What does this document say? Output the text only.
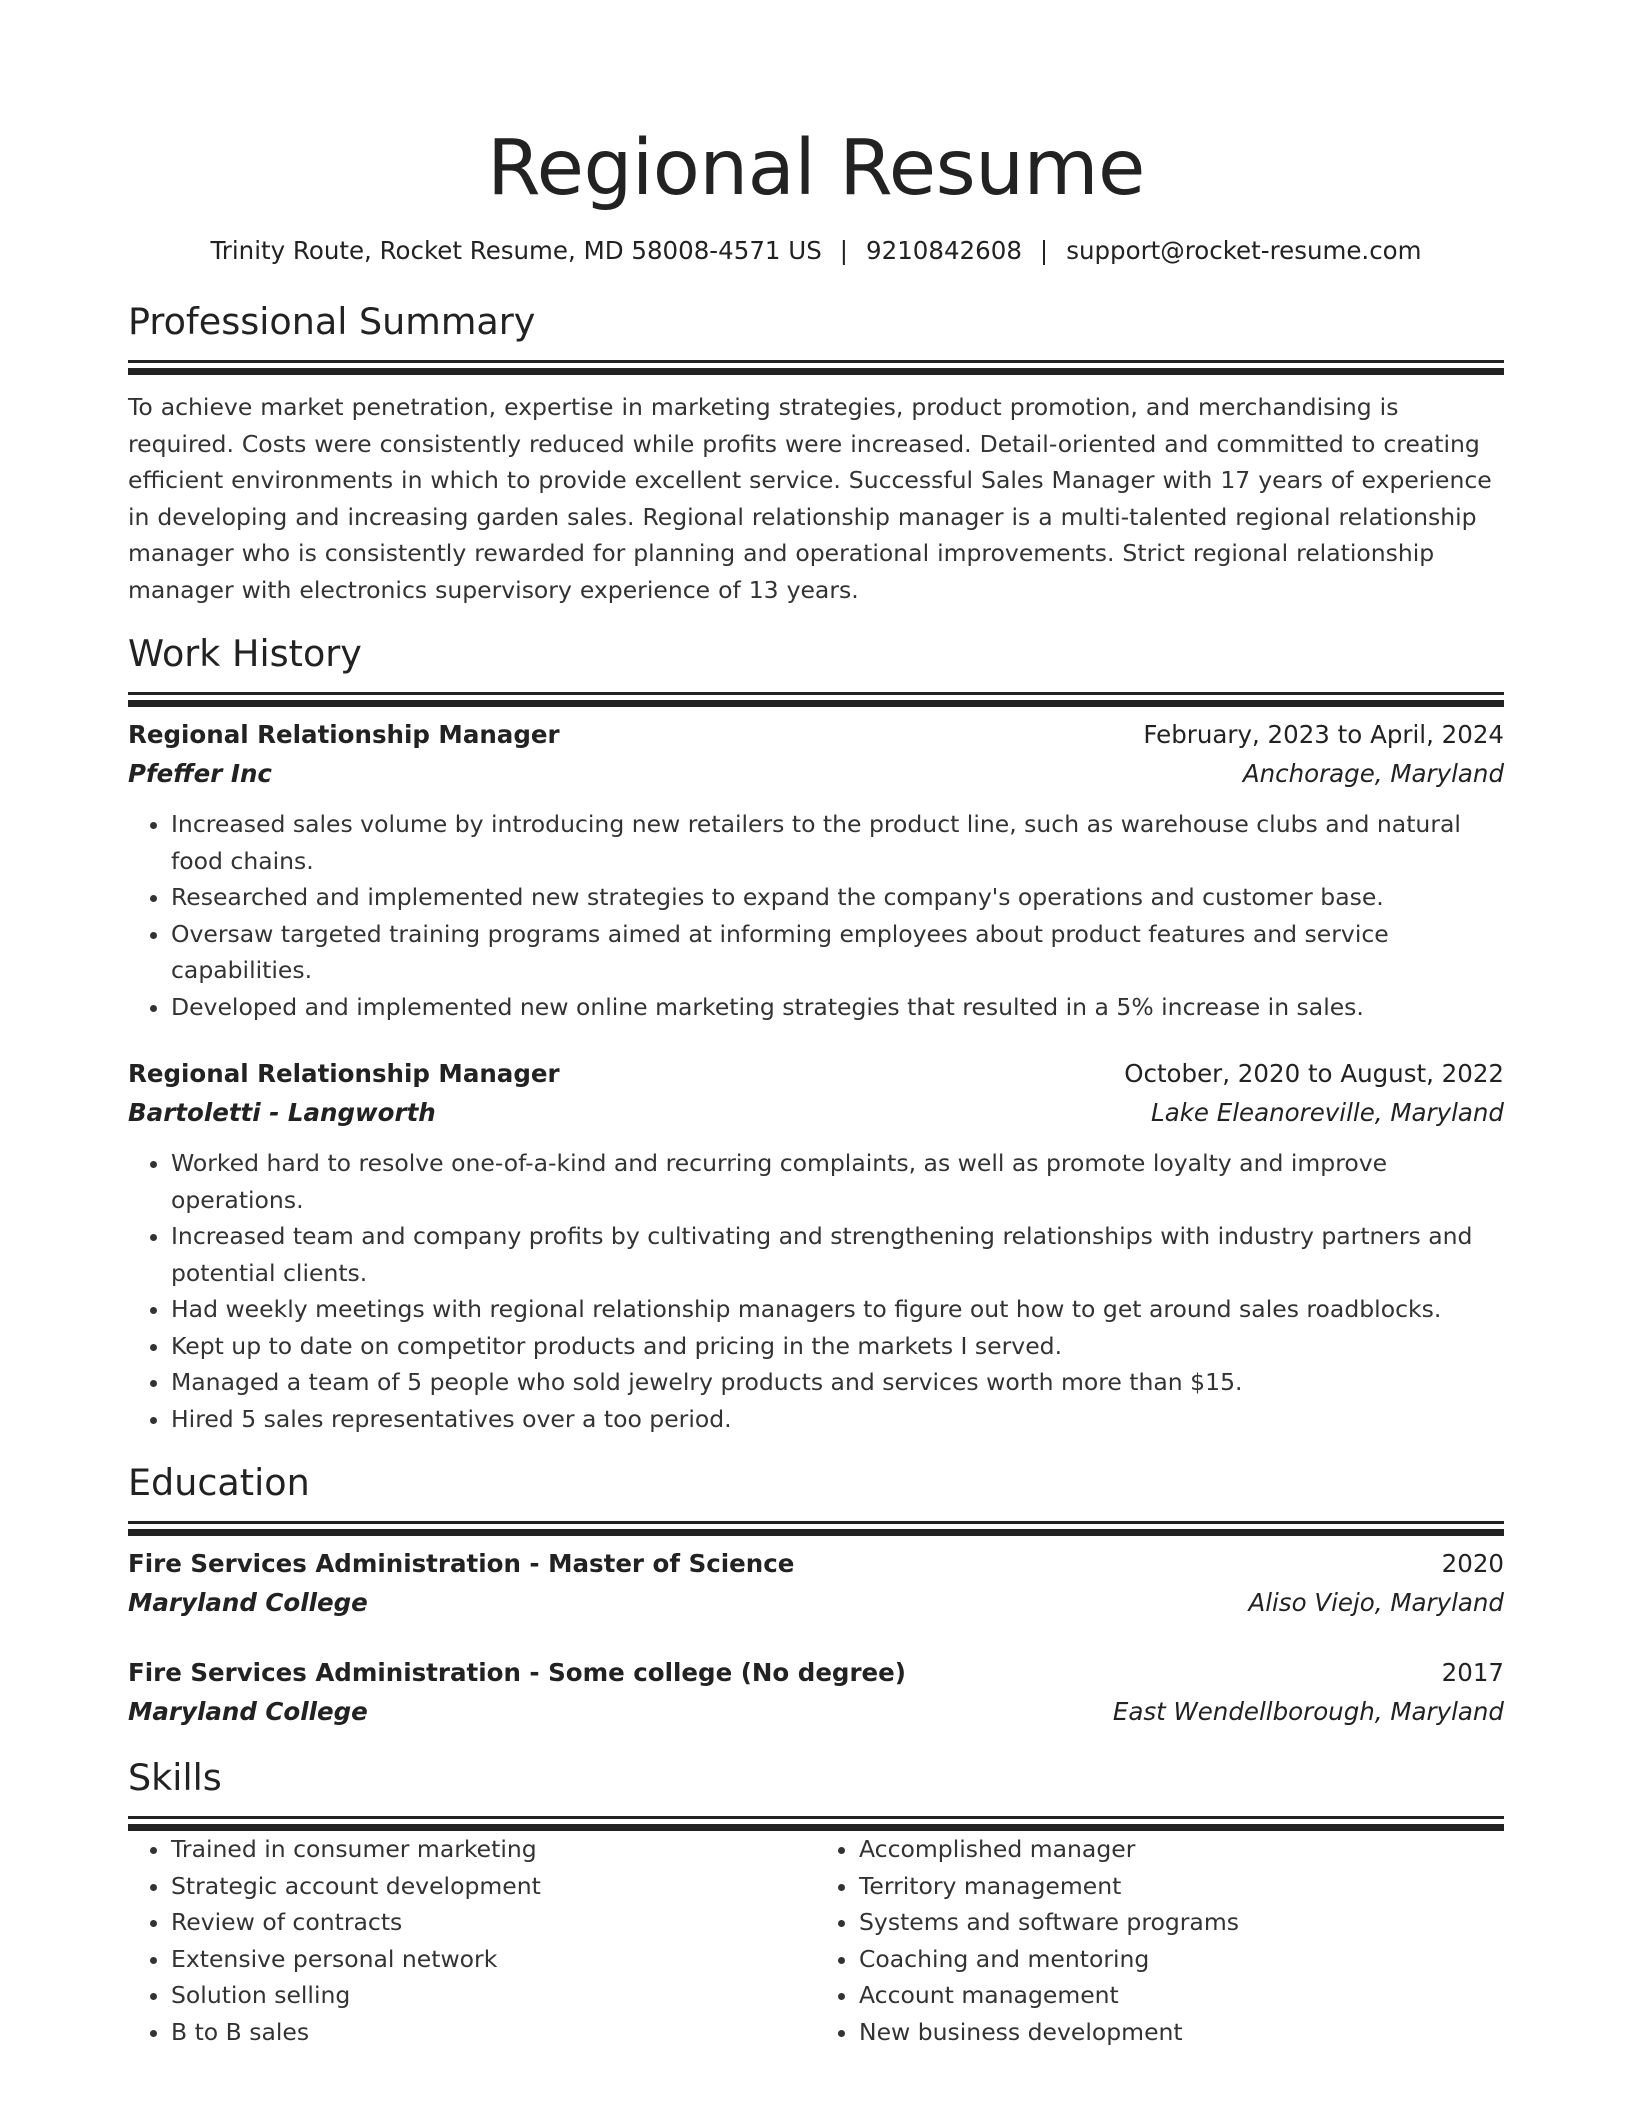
Regional Resume
Trinity Route, Rocket Resume, MD 58008-4571 US | 9210842608 | support@rocket-resume.com
Professional Summary
To achieve market penetration, expertise in marketing strategies, product promotion, and merchandising is required. Costs were consistently reduced while profits were increased. Detail-oriented and committed to creating efficient environments in which to provide excellent service. Successful Sales Manager with 17 years of experience in developing and increasing garden sales. Regional relationship manager is a multi-talented regional relationship manager who is consistently rewarded for planning and operational improvements. Strict regional relationship manager with electronics supervisory experience of 13 years.
Work History
Regional Relationship Manager	February, 2023 to April, 2024
Pfeffer Inc	Anchorage, Maryland
• Increased sales volume by introducing new retailers to the product line, such as warehouse clubs and natural food chains.
• Researched and implemented new strategies to expand the company's operations and customer base.
• Oversaw targeted training programs aimed at informing employees about product features and service capabilities.
• Developed and implemented new online marketing strategies that resulted in a 5% increase in sales.
Regional Relationship Manager	October, 2020 to August, 2022
Bartoletti - Langworth	Lake Eleanoreville, Maryland
• Worked hard to resolve one-of-a-kind and recurring complaints, as well as promote loyalty and improve operations.
• Increased team and company profits by cultivating and strengthening relationships with industry partners and potential clients.
• Had weekly meetings with regional relationship managers to figure out how to get around sales roadblocks.
• Kept up to date on competitor products and pricing in the markets I served.
• Managed a team of 5 people who sold jewelry products and services worth more than $15.
• Hired 5 sales representatives over a too period.
Education
Fire Services Administration - Master of Science	2020
Maryland College	Aliso Viejo, Maryland
Fire Services Administration - Some college (No degree)	2017
Maryland College	East Wendellborough, Maryland
Skills
• Trained in consumer marketing
• Strategic account development
• Review of contracts
• Extensive personal network
• Solution selling
• B to B sales
• Accomplished manager
• Territory management
• Systems and software programs
• Coaching and mentoring
• Account management
• New business development
